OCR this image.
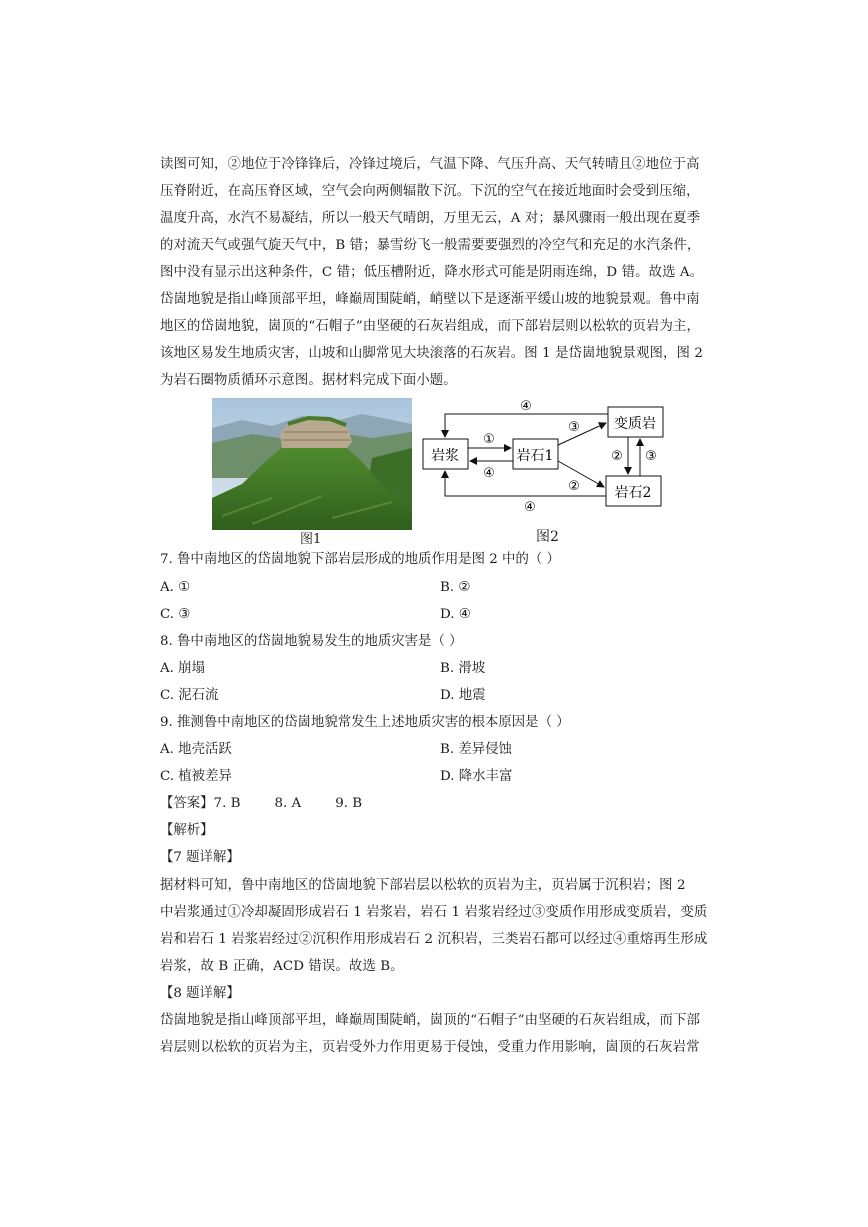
读图可知，②地位于冷锋锋后，冷锋过境后，气温下降、气压升高、天气转晴且②地位于高
压脊附近，在高压脊区域，空气会向两侧辐散下沉。下沉的空气在接近地面时会受到压缩，
温度升高，水汽不易凝结，所以一般天气晴朗，万里无云，A 对；暴风骤雨一般出现在夏季
的对流天气或强气旋天气中，B 错；暴雪纷飞一般需要要强烈的冷空气和充足的水汽条件，
图中没有显示出这种条件，C 错；低压槽附近，降水形式可能是阴雨连绵，D 错。故选 A。
岱崮地貌是指山峰顶部平坦，峰巅周围陡峭，峭壁以下是逐渐平缓山坡的地貌景观。鲁中南
地区的岱崮地貌，崮顶的“石帽子”由坚硬的石灰岩组成，而下部岩层则以松软的页岩为主，
该地区易发生地质灾害，山坡和山脚常见大块滚落的石灰岩。图 1 是岱崮地貌景观图，图 2
为岩石圈物质循环示意图。据材料完成下面小题。
图1
岩浆	岩石1
变质岩
岩石2
④
①
④
③
②
② ③
④
图2
7. 鲁中南地区的岱崮地貌下部岩层形成的地质作用是图 2 中的（ ）
A. ①	B. ②
C. ③	D. ④
8. 鲁中南地区的岱崮地貌易发生的地质灾害是（ ）
A. 崩塌	B. 滑坡
C. 泥石流	D. 地震
9. 推测鲁中南地区的岱崮地貌常发生上述地质灾害的根本原因是（ ）
A. 地壳活跃	B. 差异侵蚀
C. 植被差异	D. 降水丰富
【答案】7. B        8. A        9. B
【解析】
【7 题详解】
据材料可知，鲁中南地区的岱崮地貌下部岩层以松软的页岩为主，页岩属于沉积岩；图 2
中岩浆通过①冷却凝固形成岩石 1 岩浆岩，岩石 1 岩浆岩经过③变质作用形成变质岩，变质
岩和岩石 1 岩浆岩经过②沉积作用形成岩石 2 沉积岩，三类岩石都可以经过④重熔再生形成
岩浆，故 B 正确，ACD 错误。故选 B。
【8 题详解】
岱崮地貌是指山峰顶部平坦，峰巅周围陡峭，崮顶的“石帽子”由坚硬的石灰岩组成，而下部
岩层则以松软的页岩为主，页岩受外力作用更易于侵蚀，受重力作用影响，崮顶的石灰岩常
